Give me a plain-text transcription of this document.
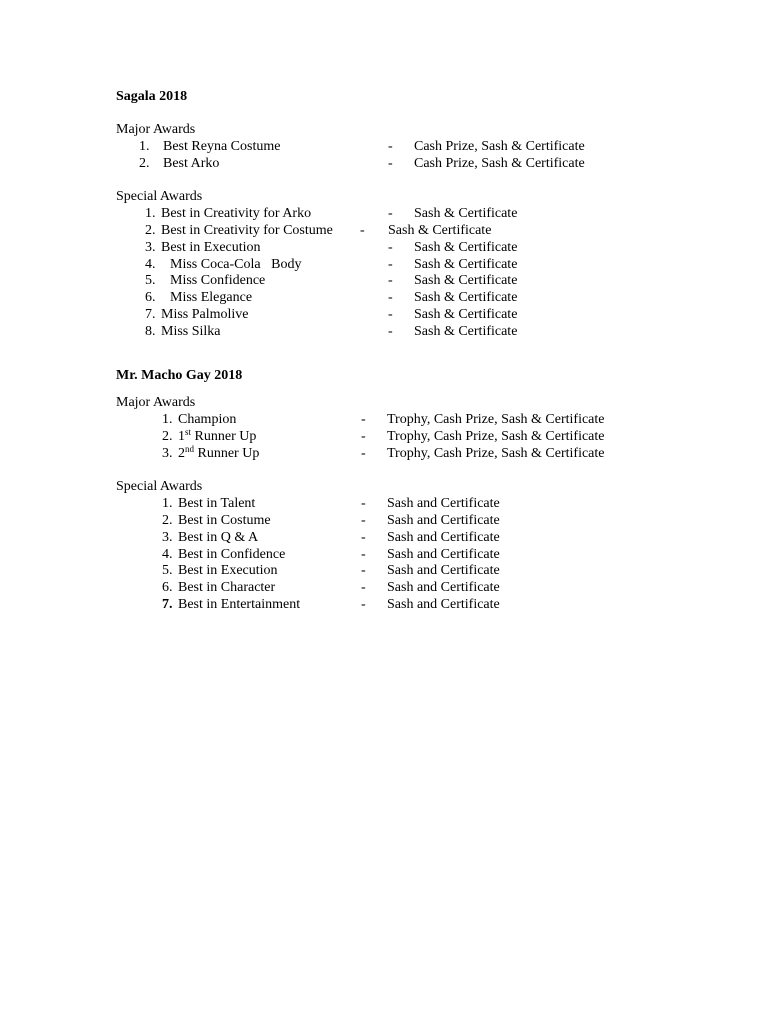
Sagala 2018
Major Awards
1. Best Reyna Costume	- Cash Prize, Sash & Certificate
2. Best Arko	- Cash Prize, Sash & Certificate
Special Awards
1. Best in Creativity for Arko	- Sash & Certificate
2. Best in Creativity for Costume - Sash & Certificate
3. Best in Execution	- Sash & Certificate
4. Miss Coca-Cola   Body	- Sash & Certificate
5. Miss Confidence	- Sash & Certificate
6. Miss Elegance	- Sash & Certificate
7. Miss Palmolive	- Sash & Certificate
8. Miss Silka	- Sash & Certificate
Mr. Macho Gay 2018
Major Awards
1. Champion	- Trophy, Cash Prize, Sash & Certificate
2. 1st Runner Up	- Trophy, Cash Prize, Sash & Certificate
3. 2nd Runner Up	- Trophy, Cash Prize, Sash & Certificate
Special Awards
1. Best in Talent	- Sash and Certificate
2. Best in Costume	- Sash and Certificate
3. Best in Q & A	- Sash and Certificate
4. Best in Confidence	- Sash and Certificate
5. Best in Execution	- Sash and Certificate
6. Best in Character	- Sash and Certificate
7. Best in Entertainment	- Sash and Certificate
